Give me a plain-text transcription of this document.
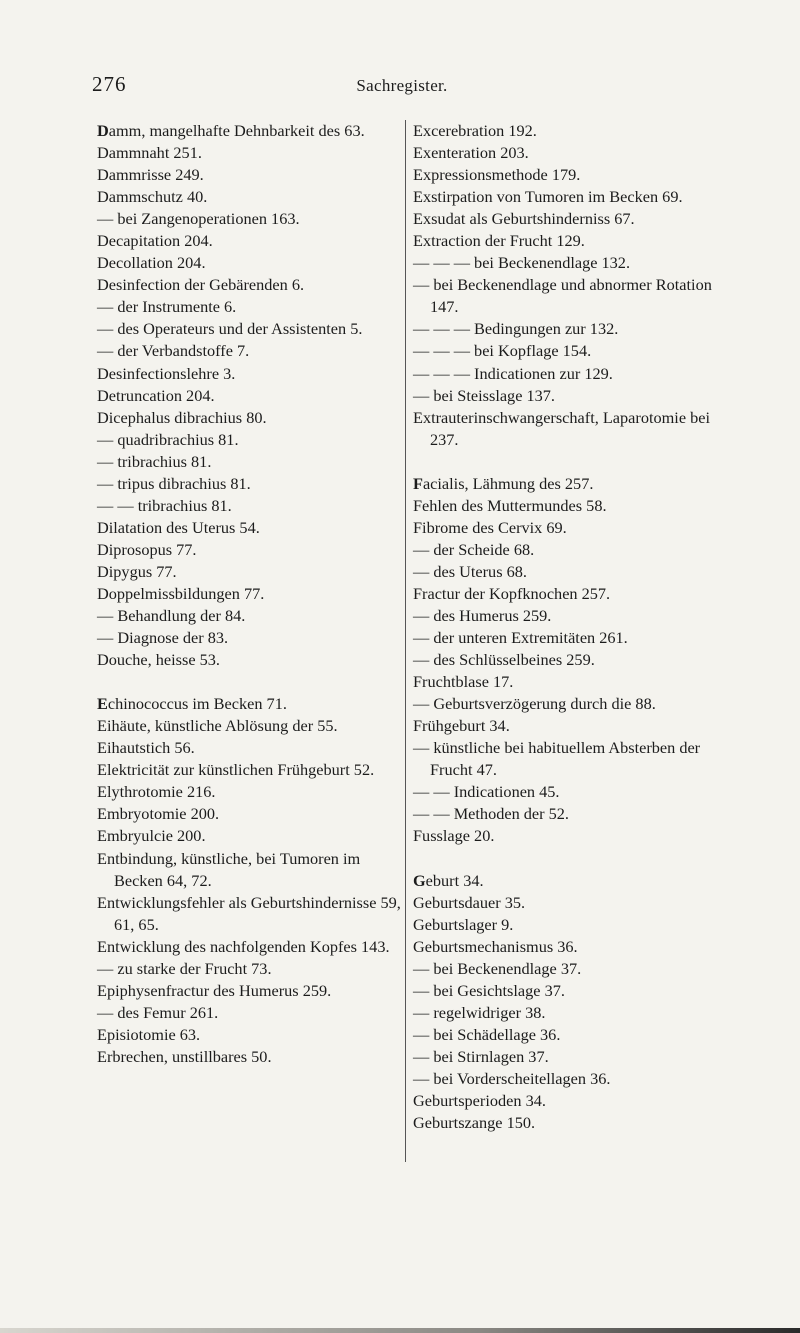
276	Sachregister.
Damm, mangelhafte Dehnbarkeit des 63.
Dammnaht 251.
Dammrisse 249.
Dammschutz 40.
— bei Zangenoperationen 163.
Decapitation 204.
Decollation 204.
Desinfection der Gebärenden 6.
— der Instrumente 6.
— des Operateurs und der Assistenten 5.
— der Verbandstoffe 7.
Desinfectionslehre 3.
Detruncation 204.
Dicephalus dibrachius 80.
— quadribrachius 81.
— tribrachius 81.
— tripus dibrachius 81.
— — tribrachius 81.
Dilatation des Uterus 54.
Diprosopus 77.
Dipygus 77.
Doppelmissbildungen 77.
— Behandlung der 84.
— Diagnose der 83.
Douche, heisse 53.
Echinococcus im Becken 71.
Eihäute, künstliche Ablösung der 55.
Eihautstich 56.
Elektricität zur künstlichen Frühgeburt 52.
Elythrotomie 216.
Embryotomie 200.
Embryulcie 200.
Entbindung, künstliche, bei Tumoren im Becken 64, 72.
Entwicklungsfehler als Geburtshindernisse 59, 61, 65.
Entwicklung des nachfolgenden Kopfes 143.
— zu starke der Frucht 73.
Epiphysenfractur des Humerus 259.
— des Femur 261.
Episiotomie 63.
Erbrechen, unstillbares 50.
Excerebration 192.
Exenteration 203.
Expressionsmethode 179.
Exstirpation von Tumoren im Becken 69.
Exsudat als Geburtshinderniss 67.
Extraction der Frucht 129.
— — — bei Beckenendlage 132.
— bei Beckenendlage und abnormer Rotation 147.
— — — Bedingungen zur 132.
— — — bei Kopflage 154.
— — — Indicationen zur 129.
— bei Steisslage 137.
Extrauterinschwangerschaft, Laparotomie bei 237.
Facialis, Lähmung des 257.
Fehlen des Muttermundes 58.
Fibrome des Cervix 69.
— der Scheide 68.
— des Uterus 68.
Fractur der Kopfknochen 257.
— des Humerus 259.
— der unteren Extremitäten 261.
— des Schlüsselbeines 259.
Fruchtblase 17.
— Geburtsverzögerung durch die 88.
Frühgeburt 34.
— künstliche bei habituellem Absterben der Frucht 47.
— — Indicationen 45.
— — Methoden der 52.
Fusslage 20.
Geburt 34.
Geburtsdauer 35.
Geburtslager 9.
Geburtsmechanismus 36.
— bei Beckenendlage 37.
— bei Gesichtslage 37.
— regelwidriger 38.
— bei Schädellage 36.
— bei Stirnlagen 37.
— bei Vorderscheitellagen 36.
Geburtsperioden 34.
Geburtszange 150.
